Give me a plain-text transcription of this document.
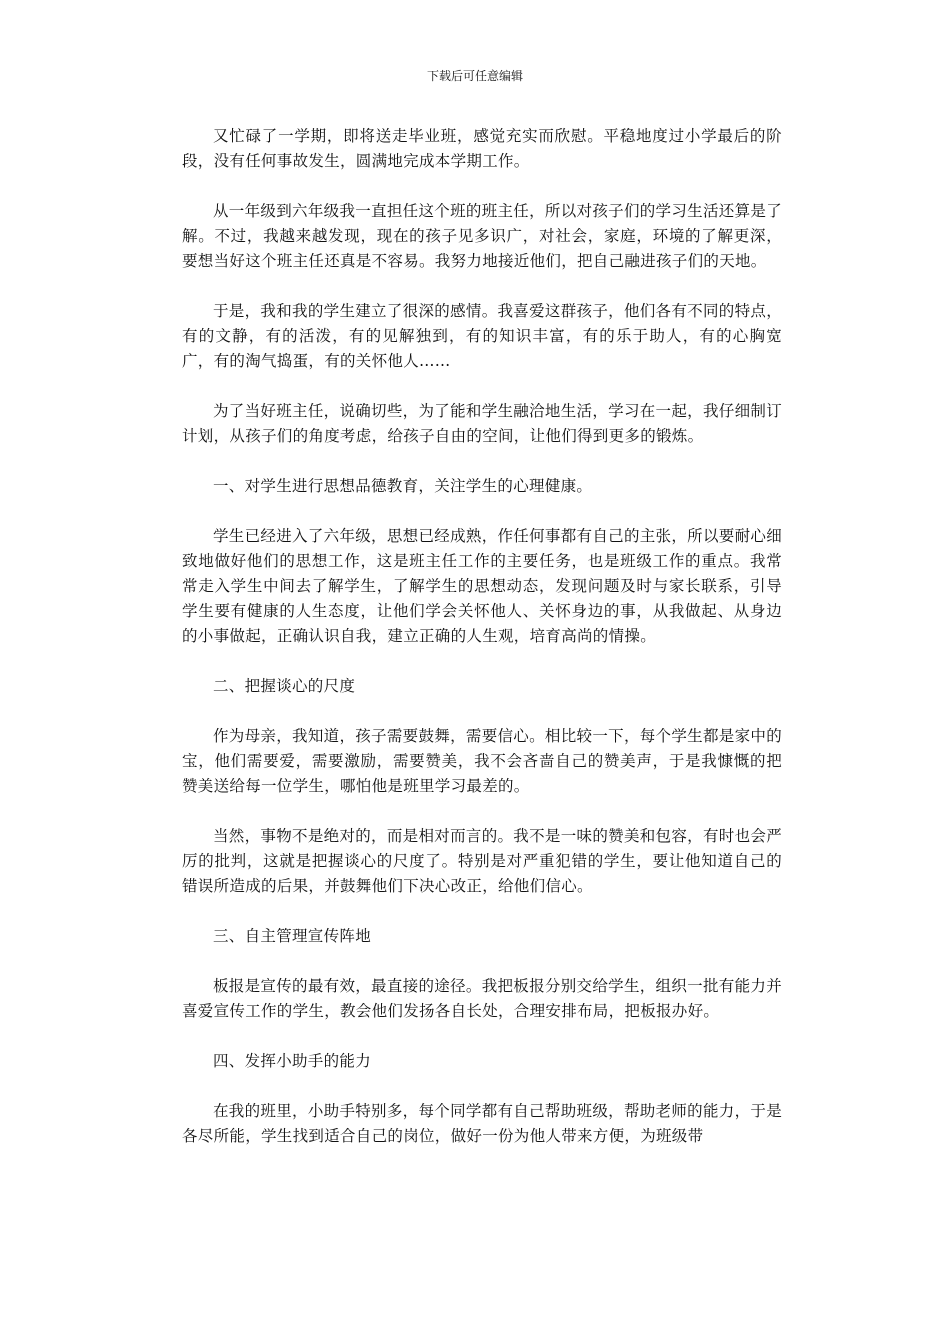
下载后可任意编辑

又忙碌了一学期，即将送走毕业班，感觉充实而欣慰。平稳地度过小学最后的阶段，没有任何事故发生，圆满地完成本学期工作。

从一年级到六年级我一直担任这个班的班主任，所以对孩子们的学习生活还算是了解。不过，我越来越发现，现在的孩子见多识广，对社会，家庭，环境的了解更深，要想当好这个班主任还真是不容易。我努力地接近他们，把自己融进孩子们的天地。

于是，我和我的学生建立了很深的感情。我喜爱这群孩子，他们各有不同的特点，有的文静，有的活泼，有的见解独到，有的知识丰富，有的乐于助人，有的心胸宽广，有的淘气捣蛋，有的关怀他人……

为了当好班主任，说确切些，为了能和学生融洽地生活，学习在一起，我仔细制订计划，从孩子们的角度考虑，给孩子自由的空间，让他们得到更多的锻炼。

一、对学生进行思想品德教育，关注学生的心理健康。

学生已经进入了六年级，思想已经成熟，作任何事都有自己的主张，所以要耐心细致地做好他们的思想工作，这是班主任工作的主要任务，也是班级工作的重点。我常常走入学生中间去了解学生，了解学生的思想动态，发现问题及时与家长联系，引导学生要有健康的人生态度，让他们学会关怀他人、关怀身边的事，从我做起、从身边的小事做起，正确认识自我，建立正确的人生观，培育高尚的情操。

二、把握谈心的尺度

作为母亲，我知道，孩子需要鼓舞，需要信心。相比较一下，每个学生都是家中的宝，他们需要爱，需要激励，需要赞美，我不会吝啬自己的赞美声，于是我慷慨的把赞美送给每一位学生，哪怕他是班里学习最差的。

当然，事物不是绝对的，而是相对而言的。我不是一味的赞美和包容，有时也会严厉的批判，这就是把握谈心的尺度了。特别是对严重犯错的学生，要让他知道自己的错误所造成的后果，并鼓舞他们下决心改正，给他们信心。

三、自主管理宣传阵地

板报是宣传的最有效，最直接的途径。我把板报分别交给学生，组织一批有能力并喜爱宣传工作的学生，教会他们发扬各自长处，合理安排布局，把板报办好。

四、发挥小助手的能力

在我的班里，小助手特别多，每个同学都有自己帮助班级，帮助老师的能力，于是各尽所能，学生找到适合自己的岗位，做好一份为他人带来方便，为班级带
